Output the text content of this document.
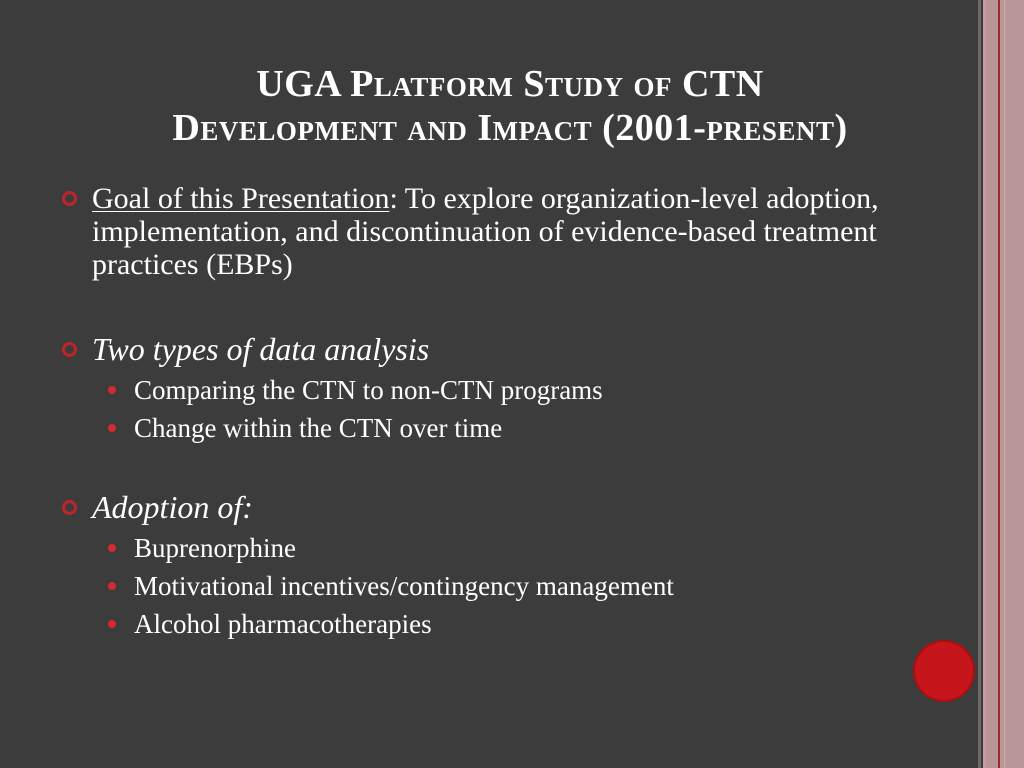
UGA Platform Study of CTN
Development and Impact (2001-present)
Goal of this Presentation: To explore organization-level adoption, implementation, and discontinuation of evidence-based treatment practices (EBPs)
Two types of data analysis
Comparing the CTN to non-CTN programs
Change within the CTN over time
Adoption of:
Buprenorphine
Motivational incentives/contingency management
Alcohol pharmacotherapies
